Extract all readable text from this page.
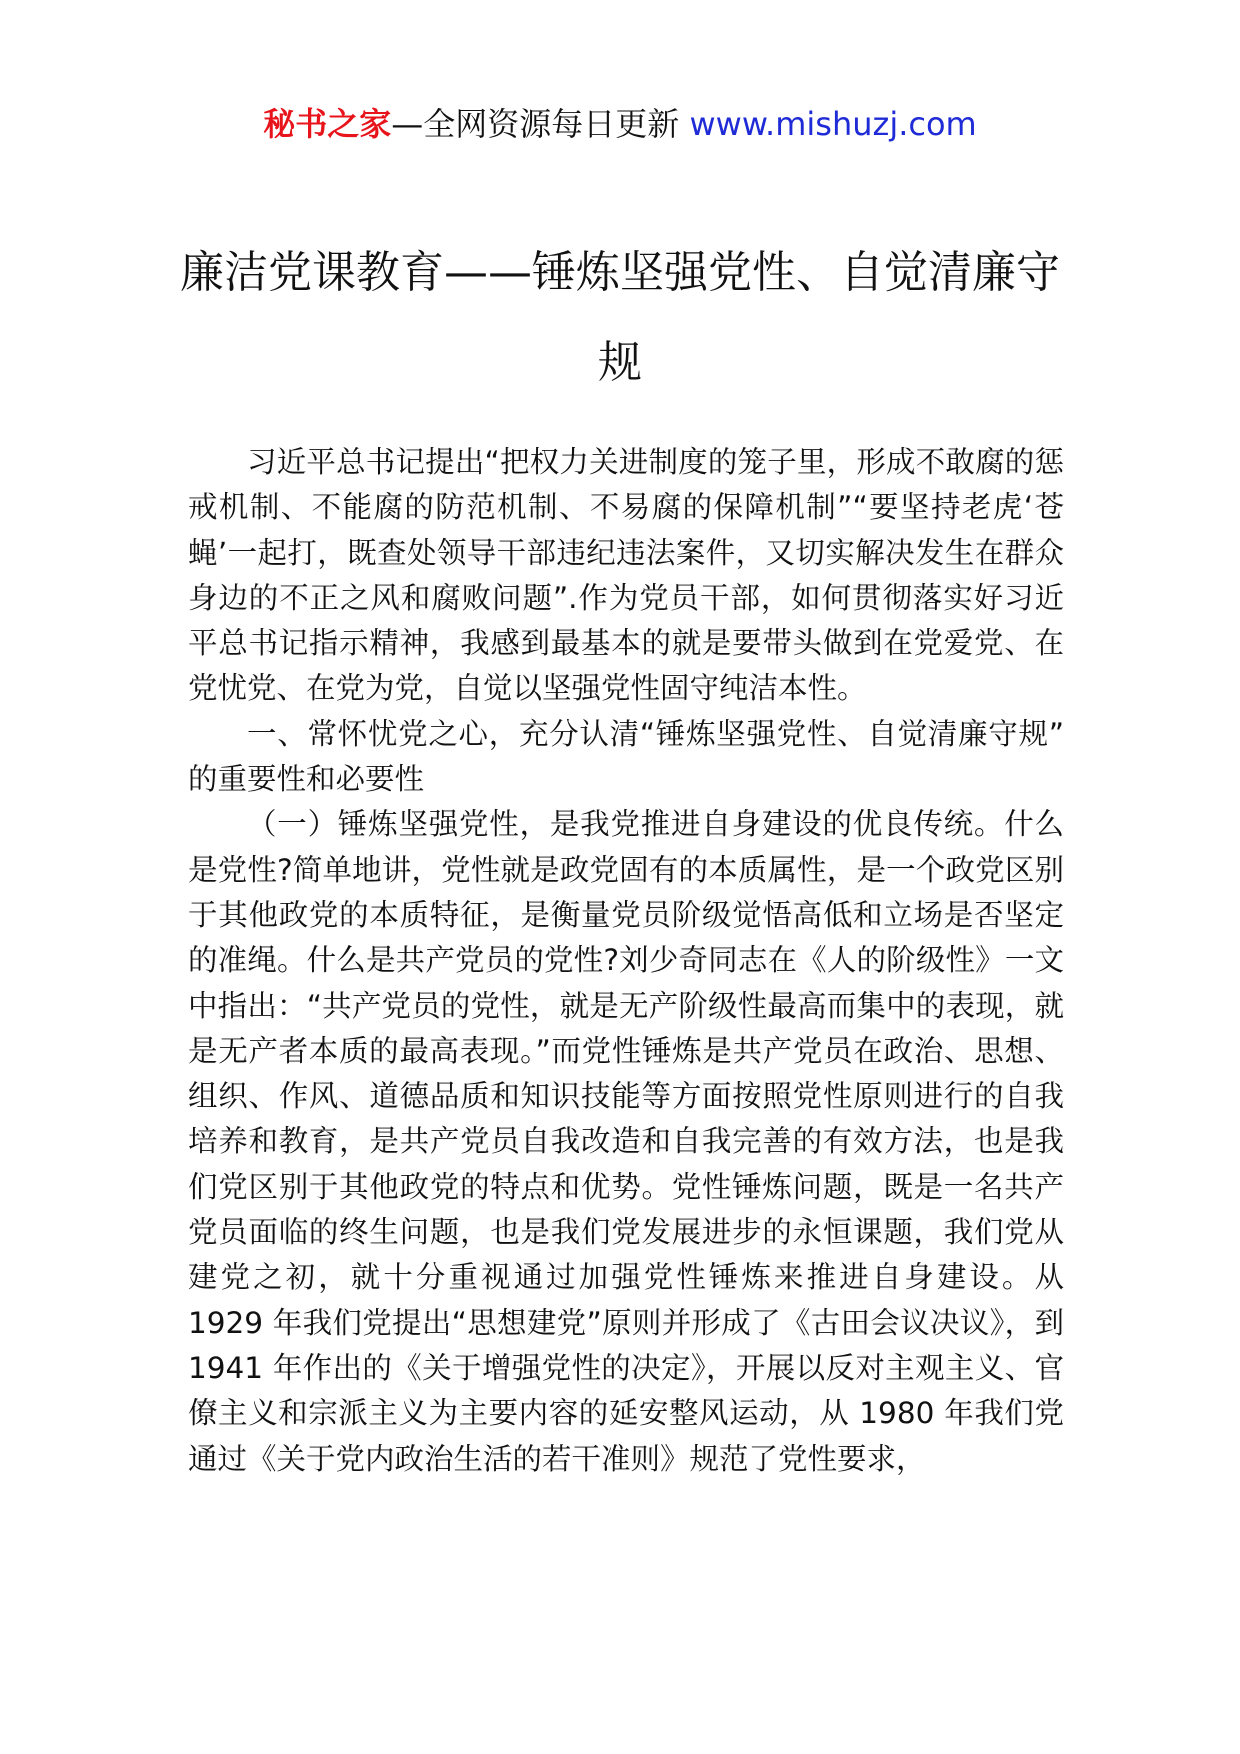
秘书之家—全网资源每日更新 www.mishuzj.com
廉洁党课教育——锤炼坚强党性、自觉清廉守规

习近平总书记提出“把权力关进制度的笼子里，形成不敢腐的惩戒机制、不能腐的防范机制、不易腐的保障机制”“要坚持老虎‘苍蝇’一起打，既查处领导干部违纪违法案件，又切实解决发生在群众身边的不正之风和腐败问题”.作为党员干部，如何贯彻落实好习近平总书记指示精神，我感到最基本的就是要带头做到在党爱党、在党忧党、在党为党，自觉以坚强党性固守纯洁本性。

一、常怀忧党之心，充分认清“锤炼坚强党性、自觉清廉守规” 的重要性和必要性

（一）锤炼坚强党性，是我党推进自身建设的优良传统。什么是党性?简单地讲，党性就是政党固有的本质属性，是一个政党区别于其他政党的本质特征，是衡量党员阶级觉悟高低和立场是否坚定的准绳。什么是共产党员的党性?刘少奇同志在《人的阶级性》一文中指出：“共产党员的党性，就是无产阶级性最高而集中的表现，就是无产者本质的最高表现。”而党性锤炼是共产党员在政治、思想、组织、作风、道德品质和知识技能等方面按照党性原则进行的自我培养和教育，是共产党员自我改造和自我完善的有效方法，也是我们党区别于其他政党的特点和优势。党性锤炼问题，既是一名共产党员面临的终生问题，也是我们党发展进步的永恒课题，我们党从建党之初，就十分重视通过加强党性锤炼来推进自身建设。从 1929 年我们党提出“思想建党”原则并形成了《古田会议决议》，到 1941 年作出的《关于增强党性的决定》，开展以反对主观主义、官僚主义和宗派主义为主要内容的延安整风运动，从 1980 年我们党通过《关于党内政治生活的若干准则》规范了党性要求，
